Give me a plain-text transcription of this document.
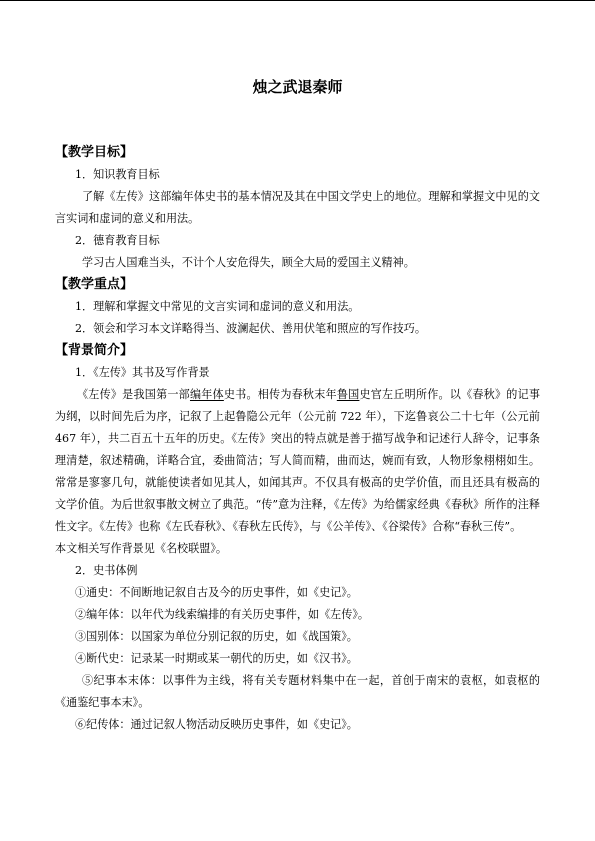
烛之武退秦师
【教学目标】

1．知识教育目标

了解《左传》这部编年体史书的基本情况及其在中国文学史上的地位。理解和掌握文中见的文言实词和虚词的意义和用法。

2．德育教育目标

学习古人国难当头，不计个人安危得失，顾全大局的爱国主义精神。

【教学重点】

1．理解和掌握文中常见的文言实词和虚词的意义和用法。

2．领会和学习本文详略得当、波澜起伏、善用伏笔和照应的写作技巧。

【背景简介】

1．《左传》其书及写作背景

《左传》是我国第一部编年体史书。相传为春秋末年鲁国史官左丘明所作。以《春秋》的记事为纲，以时间先后为序，记叙了上起鲁隐公元年（公元前 722 年），下迄鲁哀公二十七年（公元前 467 年），共二百五十五年的历史。《左传》突出的特点就是善于描写战争和记述行人辞令，记事条理清楚，叙述精确，详略合宜，委曲简洁；写人简而精，曲而达，婉而有致，人物形象栩栩如生。常常是寥寥几句，就能使读者如见其人，如闻其声。不仅具有极高的史学价值，而且还具有极高的文学价值。为后世叙事散文树立了典范。“传”意为注释，《左传》为给儒家经典《春秋》所作的注释性文字。《左传》也称《左氏春秋》、《春秋左氏传》，与《公羊传》、《谷梁传》合称“春秋三传”。

本文相关写作背景见《名校联盟》。

2．史书体例

①通史：不间断地记叙自古及今的历史事件，如《史记》。

②编年体：以年代为线索编排的有关历史事件，如《左传》。

③国别体：以国家为单位分别记叙的历史，如《战国策》。

④断代史：记录某一时期或某一朝代的历史，如《汉书》。

⑤纪事本末体：以事件为主线，将有关专题材料集中在一起，首创于南宋的袁枢，如袁枢的《通鉴纪事本末》。

⑥纪传体：通过记叙人物活动反映历史事件，如《史记》。
